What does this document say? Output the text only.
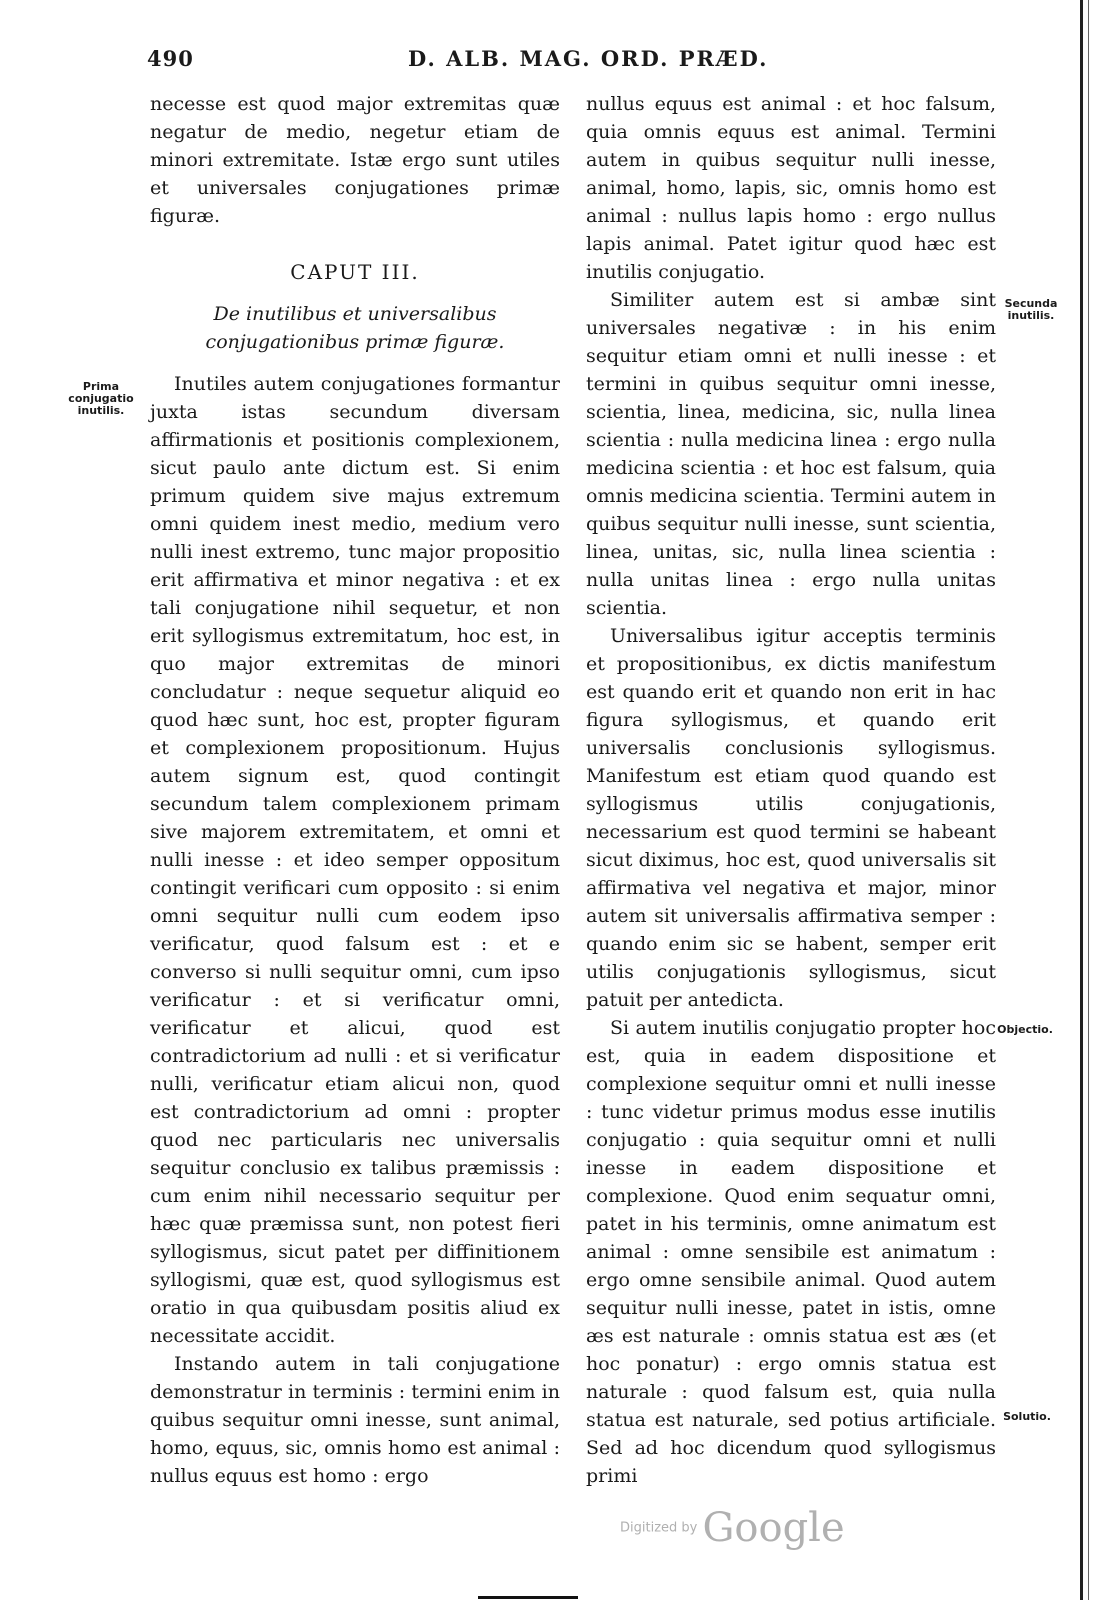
490	D. ALB. MAG. ORD. PRÆD.

necesse est quod major extremitas quæ negatur de medio, negetur etiam de minori extremitate. Istæ ergo sunt utiles et universales conjugationes primæ figuræ.

CAPUT III.
De inutilibus et universalibus conjugationibus primæ figuræ.

Inutiles autem conjugationes formantur juxta istas secundum diversam affirmationis et positionis complexionem, sicut paulo ante dictum est. Si enim primum quidem sive majus extremum omni quidem inest medio, medium vero nulli inest extremo, tunc major propositio erit affirmativa et minor negativa : et ex tali conjugatione nihil sequetur, et non erit syllogismus extremitatum, hoc est, in quo major extremitas de minori concludatur : neque sequetur aliquid eo quod hæc sunt, hoc est, propter figuram et complexionem propositionum. Hujus autem signum est, quod contingit secundum talem complexionem primam sive majorem extremitatem, et omni et nulli inesse : et ideo semper oppositum contingit verificari cum opposito : si enim omni sequitur nulli cum eodem ipso verificatur, quod falsum est : et e converso si nulli sequitur omni, cum ipso verificatur : et si verificatur omni, verificatur et alicui, quod est contradictorium ad nulli : et si verificatur nulli, verificatur etiam alicui non, quod est contradictorium ad omni : propter quod nec particularis nec universalis sequitur conclusio ex talibus præmissis : cum enim nihil necessario sequitur per hæc quæ præmissa sunt, non potest fieri syllogismus, sicut patet per diffinitionem syllogismi, quæ est, quod syllogismus est oratio in qua quibusdam positis aliud ex necessitate accidit.

Instando autem in tali conjugatione demonstratur in terminis : termini enim in quibus sequitur omni inesse, sunt animal, homo, equus, sic, omnis homo est animal : nullus equus est homo : ergo

nullus equus est animal : et hoc falsum, quia omnis equus est animal. Termini autem in quibus sequitur nulli inesse, animal, homo, lapis, sic, omnis homo est animal : nullus lapis homo : ergo nullus lapis animal. Patet igitur quod hæc est inutilis conjugatio.

Similiter autem est si ambæ sint universales negativæ : in his enim sequitur etiam omni et nulli inesse : et termini in quibus sequitur omni inesse, scientia, linea, medicina, sic, nulla linea scientia : nulla medicina linea : ergo nulla medicina scientia : et hoc est falsum, quia omnis medicina scientia. Termini autem in quibus sequitur nulli inesse, sunt scientia, linea, unitas, sic, nulla linea scientia : nulla unitas linea : ergo nulla unitas scientia.

Universalibus igitur acceptis terminis et propositionibus, ex dictis manifestum est quando erit et quando non erit in hac figura syllogismus, et quando erit universalis conclusionis syllogismus. Manifestum est etiam quod quando est syllogismus utilis conjugationis, necessarium est quod termini se habeant sicut diximus, hoc est, quod universalis sit affirmativa vel negativa et major, minor autem sit universalis affirmativa semper : quando enim sic se habent, semper erit utilis conjugationis syllogismus, sicut patuit per antedicta.

Si autem inutilis conjugatio propter hoc est, quia in eadem dispositione et complexione sequitur omni et nulli inesse : tunc videtur primus modus esse inutilis conjugatio : quia sequitur omni et nulli inesse in eadem dispositione et complexione. Quod enim sequatur omni, patet in his terminis, omne animatum est animal : omne sensibile est animatum : ergo omne sensibile animal. Quod autem sequitur nulli inesse, patet in istis, omne æs est naturale : omnis statua est æs (et hoc ponatur) : ergo omnis statua est naturale : quod falsum est, quia nulla statua est naturale, sed potius artificiale. Sed ad hoc dicendum quod syllogismus primi

Prima conjugatio inutilis.
Secunda inutilis.
Objectio.
Solutio.
Digitized by Google
